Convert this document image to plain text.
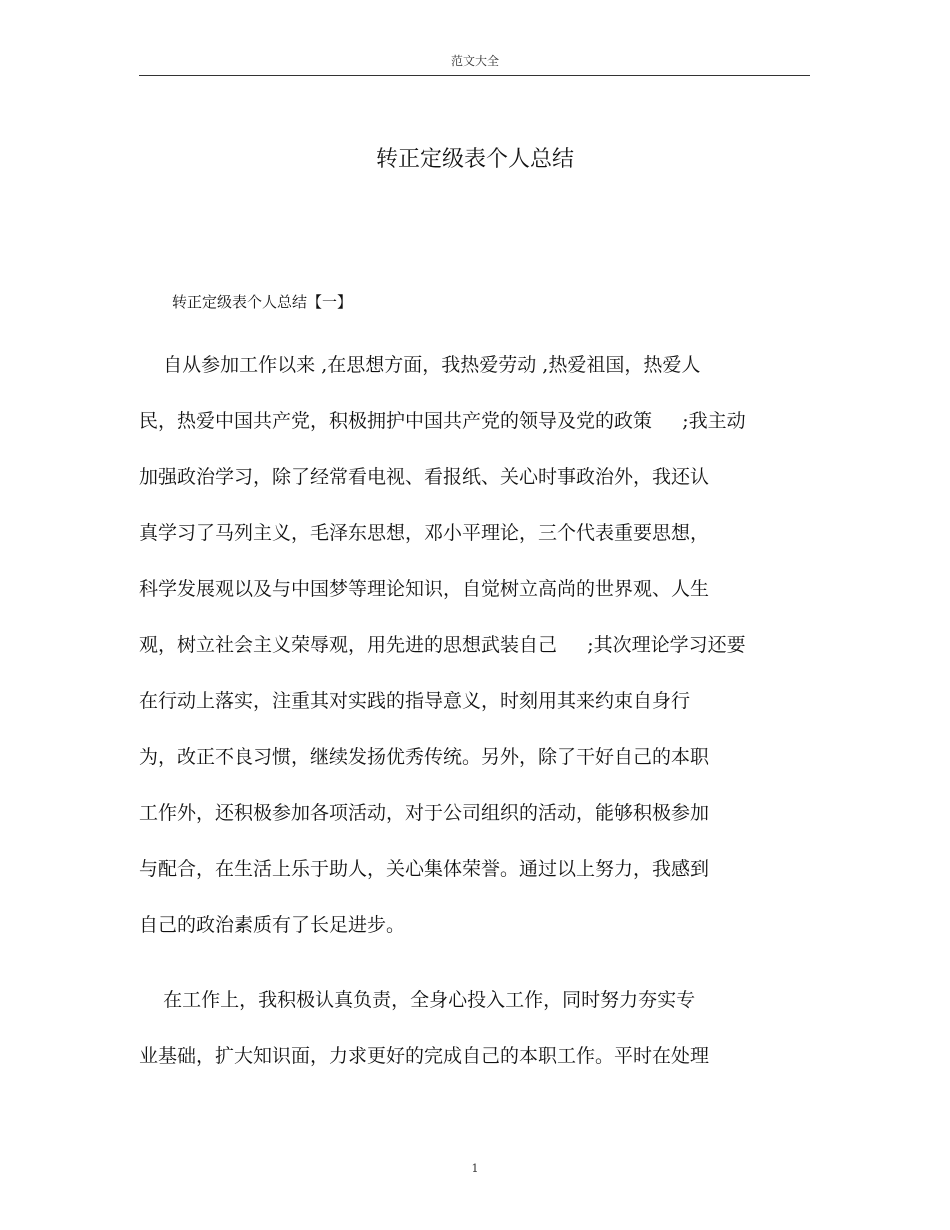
范文大全
转正定级表个人总结
转正定级表个人总结【一】
自从参加工作以来 ,在思想方面，我热爱劳动 ,热爱祖国，热爱人
民，热爱中国共产党，积极拥护中国共产党的领导及党的政策     ;我主动
加强政治学习，除了经常看电视、看报纸、关心时事政治外，我还认
真学习了马列主义，毛泽东思想，邓小平理论，三个代表重要思想，
科学发展观以及与中国梦等理论知识，自觉树立高尚的世界观、人生
观，树立社会主义荣辱观，用先进的思想武装自己     ;其次理论学习还要
在行动上落实，注重其对实践的指导意义，时刻用其来约束自身行
为，改正不良习惯，继续发扬优秀传统。另外，除了干好自己的本职
工作外，还积极参加各项活动，对于公司组织的活动，能够积极参加
与配合，在生活上乐于助人，关心集体荣誉。通过以上努力，我感到
自己的政治素质有了长足进步。
在工作上，我积极认真负责，全身心投入工作，同时努力夯实专
业基础，扩大知识面，力求更好的完成自己的本职工作。平时在处理
1
